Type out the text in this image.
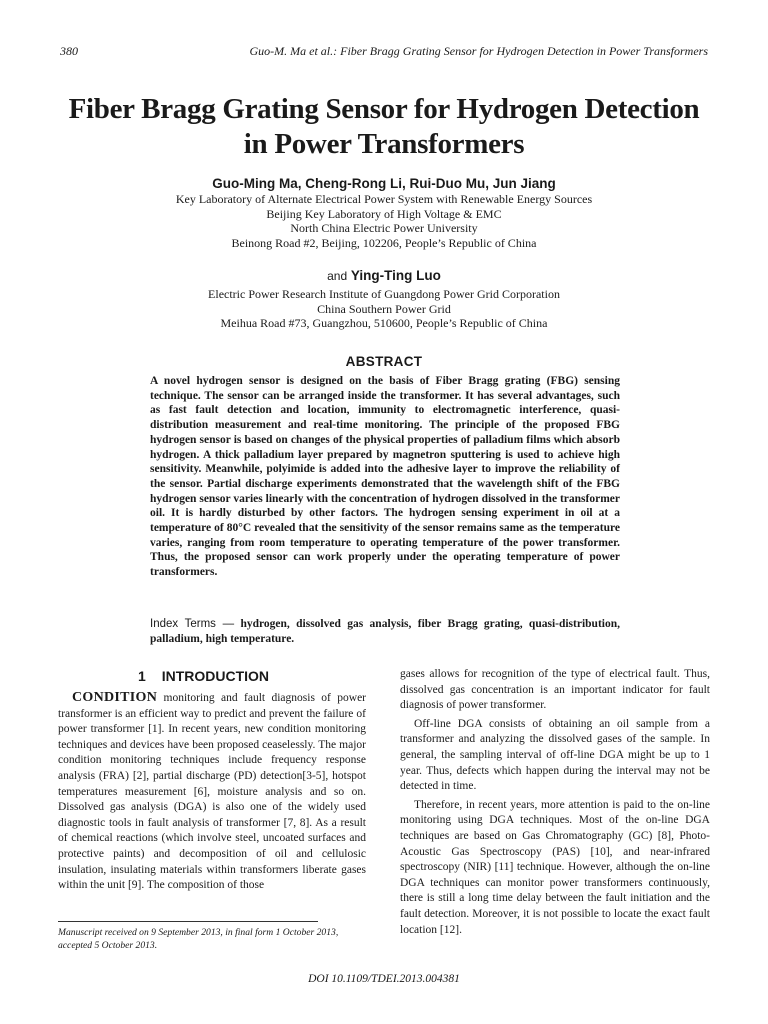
380	Guo-M. Ma et al.: Fiber Bragg Grating Sensor for Hydrogen Detection in Power Transformers
Fiber Bragg Grating Sensor for Hydrogen Detection
in Power Transformers
Guo-Ming Ma, Cheng-Rong Li, Rui-Duo Mu, Jun Jiang
Key Laboratory of Alternate Electrical Power System with Renewable Energy Sources
Beijing Key Laboratory of High Voltage & EMC
North China Electric Power University
Beinong Road #2, Beijing, 102206, People’s Republic of China
and Ying-Ting Luo
Electric Power Research Institute of Guangdong Power Grid Corporation
China Southern Power Grid
Meihua Road #73, Guangzhou, 510600, People’s Republic of China
ABSTRACT
A novel hydrogen sensor is designed on the basis of Fiber Bragg grating (FBG) sensing technique. The sensor can be arranged inside the transformer. It has several advantages, such as fast fault detection and location, immunity to electromagnetic interference, quasi-distribution measurement and real-time monitoring. The principle of the proposed FBG hydrogen sensor is based on changes of the physical properties of palladium films which absorb hydrogen. A thick palladium layer prepared by magnetron sputtering is used to achieve high sensitivity. Meanwhile, polyimide is added into the adhesive layer to improve the reliability of the sensor. Partial discharge experiments demonstrated that the wavelength shift of the FBG hydrogen sensor varies linearly with the concentration of hydrogen dissolved in the transformer oil. It is hardly disturbed by other factors. The hydrogen sensing experiment in oil at a temperature of 80°C revealed that the sensitivity of the sensor remains same as the temperature varies, ranging from room temperature to operating temperature of the power transformer. Thus, the proposed sensor can work properly under the operating temperature of power transformers.
Index Terms — hydrogen, dissolved gas analysis, fiber Bragg grating, quasi-distribution, palladium, high temperature.
1 INTRODUCTION

CONDITION monitoring and fault diagnosis of power transformer is an efficient way to predict and prevent the failure of power transformer [1]. In recent years, new condition monitoring techniques and devices have been proposed ceaselessly. The major condition monitoring techniques include frequency response analysis (FRA) [2], partial discharge (PD) detection[3-5], hotspot temperatures measurement [6], moisture analysis and so on. Dissolved gas analysis (DGA) is also one of the widely used diagnostic tools in fault analysis of transformer [7, 8]. As a result of chemical reactions (which involve steel, uncoated surfaces and protective paints) and decomposition of oil and cellulosic insulation, insulating materials within transformers liberate gases within the unit [9]. The composition of those

gases allows for recognition of the type of electrical fault. Thus, dissolved gas concentration is an important indicator for fault diagnosis of power transformer.

Off-line DGA consists of obtaining an oil sample from a transformer and analyzing the dissolved gases of the sample. In general, the sampling interval of off-line DGA might be up to 1 year. Thus, defects which happen during the interval may not be detected in time.

Therefore, in recent years, more attention is paid to the on-line monitoring using DGA techniques. Most of the on-line DGA techniques are based on Gas Chromatography (GC) [8], Photo-Acoustic Gas Spectroscopy (PAS) [10], and near-infrared spectroscopy (NIR) [11] technique. However, although the on-line DGA techniques can monitor power transformers continuously, there is still a long time delay between the fault initiation and the fault detection. Moreover, it is not possible to locate the exact fault location [12].

Manuscript received on 9 September 2013, in final form 1 October 2013,
accepted 5 October 2013.
DOI 10.1109/TDEI.2013.004381
